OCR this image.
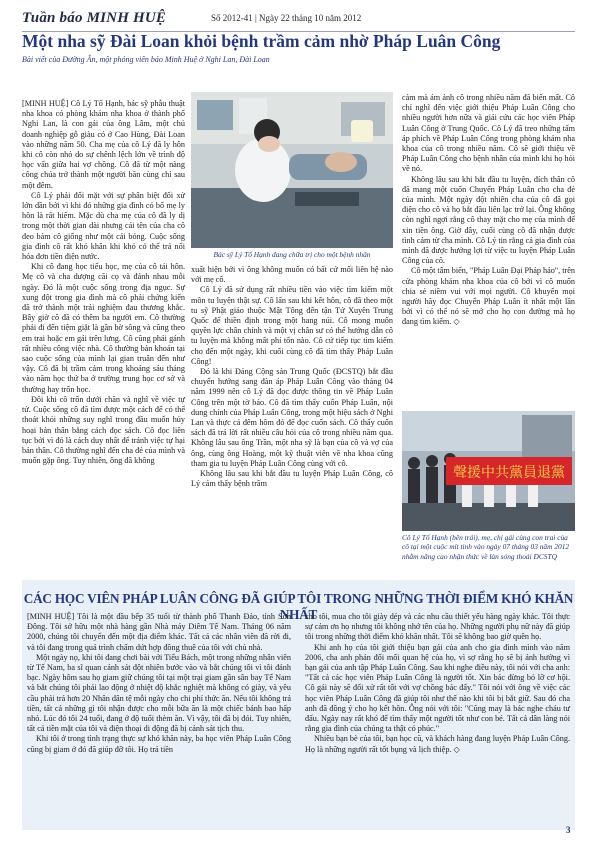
Tuần báo MINH HUỆ	Số 2012-41 | Ngày 22 tháng 10 năm 2012
Một nha sỹ Đài Loan khỏi bệnh trầm cảm nhờ Pháp Luân Công
Bài viết của Đường Ân, một phóng viên báo Minh Huệ ở Nghi Lan, Đài Loan

[MINH HUỆ] Cô Lý Tố Hạnh, bác sỹ phẫu thuật nha khoa có phòng khám nha khoa ở thành phố Nghi Lan, là con gái của ông Lâm, một chủ doanh nghiệp gỗ giàu có ở Cao Hùng, Đài Loan vào những năm 50. Cha mẹ của cô Lý đã ly hôn khi cô còn nhỏ do sự chênh lệch lớn về trình độ học vấn giữa hai vợ chồng. Cô đã từ một nàng công chúa trở thành một người bần cùng chỉ sau một đêm.

Cô Lý phải đối mặt với sự phân biệt đối xử lớn dần bởi vì khi đó những gia đình có bố mẹ ly hôn là rất hiếm. Mặc dù cha mẹ của cô đã ly dị trong một thời gian dài nhưng cái tên của cha cô đeo bám cô giống như một cái bóng. Cuộc sống gia đình cô rất khó khăn khi khó có thể trả nổi hóa đơn tiền điện nước.

Khi cô đang học tiểu học, mẹ của cô tái hôn. Mẹ cô và cha dượng cãi cọ và đánh nhau mỗi ngày. Đó là một cuộc sống trong địa ngục. Sự xung đột trong gia đình mà cô phải chứng kiến đã trở thành một trải nghiệm đau thương khắc. Bây giờ cô đã có thêm ba người em. Cô thường phải đi đến tiệm giặt là gần bờ sông và cũng theo em trai hoặc em gái trên lưng. Cô cũng phải gánh rất nhiều công việc nhà. Cô thường bán khoản tại sao cuộc sống của mình lại gian truân đến như vậy. Cô đã bị trầm cảm trong khoảng sáu tháng vào năm học thứ ba ở trường trung học cơ sở và thường hay trốn học.

Đôi khi cô trốn dưới chăn và nghĩ về việc tự tử. Cuộc sống cô đã tìm được một cách để có thể thoát khỏi những suy nghĩ trong đầu muốn hủy hoại bản thân bằng cách đọc sách. Cô đọc liên tục bởi vì đó là cách duy nhất để tránh việc tự hại bản thân. Cô thường nghĩ đến cha đẻ của mình và muốn gặp ông. Tuy nhiên, ông đã không

Bác sỹ Lý Tố Hạnh đang chữa trị cho một bệnh nhân

xuất hiện bởi vì ông không muốn có bất cứ mối liên hệ nào với mẹ cô.

Cô Lý đã sử dụng rất nhiều tiền vào việc tìm kiếm một môn tu luyện thật sự. Cô lấn sau khi kết hôn, cô đã theo một tu sỹ Phật giáo thuộc Mật Tông đến tận Tứ Xuyên Trung Quốc để thiền định trong một hang núi. Cô mong muốn quyền lực chân chính và một vị chân sư có thể hướng dẫn cô tu luyện mà không mất phí tổn nào. Cô cứ tiếp tục tìm kiếm cho đến một ngày, khi cuối cùng cô đã tìm thấy Pháp Luân Công!

Đó là khi Đảng Cộng sản Trung Quốc (ĐCSTQ) bắt đầu chuyển hướng sang đàn áp Pháp Luân Công vào tháng 04 năm 1999 nên cô Lý đã đọc được thông tin về Pháp Luân Công trên một tờ báo. Cô đã tìm thấy cuốn Pháp Luân, nội dung chính của Pháp Luân Công, trong một hiệu sách ở Nghi Lan và thực cả đêm hôm đó để đọc cuốn sách. Cô thấy cuốn sách đã trả lời rất nhiều câu hỏi của cô trong nhiều năm qua. Không lâu sau ông Trần, một nha sỹ là bạn của cô và vợ của ông, cùng ông Hoàng, một kỹ thuật viên về nha khoa cũng tham gia tu luyện Pháp Luân Công cùng với cô.

Không lâu sau khi bắt đầu tu luyện Pháp Luân Công, cô Lý cảm thấy bệnh trầm

cảm mà ám ảnh cô trong nhiều năm đã biến mất. Cô chỉ nghĩ đến việc giới thiệu Pháp Luân Công cho nhiều người hơn nữa và giải cứu các học viên Pháp Luân Công ở Trung Quốc. Cô Lý đã treo những tấm áp phích về Pháp Luân Công trong phòng khám nha khoa của cô trong nhiều năm. Cô sẽ giới thiệu về Pháp Luân Công cho bệnh nhân của mình khi họ hỏi về nó.

Không lâu sau khi bắt đầu tu luyện, đích thân cô đã mang một cuốn Chuyển Pháp Luân cho cha đẻ của mình. Một ngày đột nhiên cha của cô đã gọi điện cho cô và họ bắt đầu liên lạc trở lại. Ông không còn nghĩ ngợi rằng cô thay mặt cho mẹ của mình để xin tiền ông. Giờ đây, cuối cùng cô đã nhận được tình cảm từ cha mình. Cô Lý tin rằng cả gia đình của mình đã được hưởng lợi từ việc tu luyện Pháp Luân Công của cô.

Cô một tâm biển, "Pháp Luân Đại Pháp hảo", trên cửa phòng khám nha khoa của cô bởi vì cô muốn chia sẻ niềm vui với mọi người. Cô khuyến mọi người hãy đọc Chuyển Pháp Luân ít nhất một lần bởi vì có thể nó sẽ mở cho họ con đường mà họ đang tìm kiếm. ◇

聲援中共黨員退黨
Cô Lý Tố Hạnh (bên trái), mẹ, chị gái cùng con trai của cô tại một cuộc mít tinh vào ngày 07 tháng 03 năm 2012 nhằm nâng cao nhận thức về làn sóng thoái ĐCSTQ
CÁC HỌC VIÊN PHÁP LUÂN CÔNG ĐÃ GIÚP TÔI TRONG NHỮNG THỜI ĐIỂM KHÓ KHĂN NHẤT

[MINH HUỆ] Tôi là một đầu bếp 35 tuổi từ thành phố Thanh Đảo, tỉnh Sơn Đông. Tôi sở hữu một nhà hàng gần Nhà máy Diêm Tế Nam. Tháng 06 năm 2000, chúng tôi chuyển đến một địa điểm khác. Tất cả các nhân viên đã rời đi, và tôi đang trong quá trình chấm dứt hợp đồng thuê của tôi với chủ nhà.

Một ngày nọ, khi tôi đang chơi bài với Tiểu Bách, một trong những nhân viên từ Tế Nam, ba sĩ quan cảnh sát đột nhiên bước vào và bắt chúng tôi vì tôi đánh bạc. Ngày hôm sau họ giam giữ chúng tôi tại một trại giam gần sân bay Tế Nam và bắt chúng tôi phải lao động ở nhiệt độ khắc nghiệt mà không có giày, và yêu cầu phải trả hơn 20 Nhân dân tệ mỗi ngày cho chi phí thức ăn. Nếu tôi không trả tiền, tất cả những gì tôi nhận được cho mỗi bữa ăn là một chiếc bánh bao hấp nhỏ. Lúc đó tôi 24 tuổi, đang ở độ tuổi thèm ăn. Vì vậy, tôi đã bị đói. Tuy nhiên, tất cả tiền mặt của tôi và điện thoại di động đã bị cảnh sát tịch thu.

Khi tôi ở trong tình trạng thực sự khó khăn này, ba học viên Pháp Luân Công cũng bị giam ở đó đã giúp đỡ tôi. Họ trả tiền

cho tôi, mua cho tôi giày dép và các nhu cầu thiết yếu hàng ngày khác. Tôi thực sự cảm ơn họ nhưng tôi không nhớ tên của họ. Những người phụ nữ này đã giúp tôi trong những thời điểm khó khăn nhất. Tôi sẽ không bao giờ quên họ.

Khi anh họ của tôi giới thiệu bạn gái của anh cho gia đình mình vào năm 2006, cha anh phản đối mối quan hệ của họ, vì sợ rằng họ sẽ bị ảnh hưởng vì bạn gái của anh tập Pháp Luân Công. Sau khi nghe điều này, tôi nói với cha anh: "Tất cả các học viên Pháp Luân Công là người tốt. Xin bác đừng bỏ lỡ cơ hội. Cô gái này sẽ đối xử rất tốt với vợ chồng bác đấy." Tôi nói với ông về việc các học viên Pháp Luân Công đã giúp tôi như thế nào khi tôi bị bắt giữ. Sau đó cha anh đã đồng ý cho họ kết hôn. Ông nói với tôi: "Cũng may là bác nghe cháu tư đấu. Ngày nay rất khó để tìm thấy một người tốt như con bé. Tất cả dân làng nói rằng gia đình của chúng ta thật có phúc."

Nhiều bạn bè của tôi, bạn học cũ, và khách hàng đang luyện Pháp Luân Công. Họ là những người rất tốt bụng và lịch thiệp. ◇

3
